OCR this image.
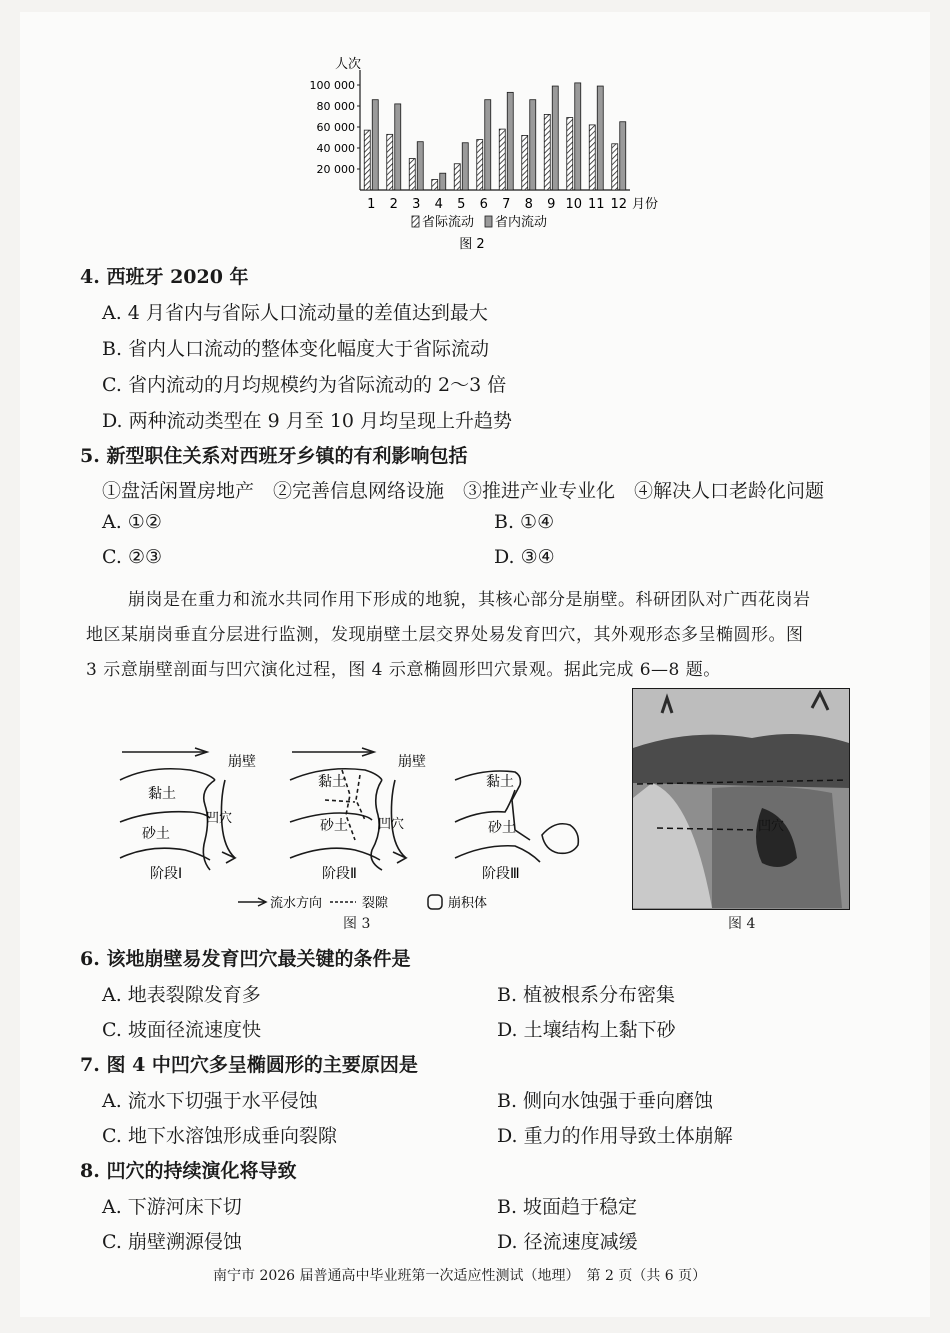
人次
20 000
40 000
60 000
80 000
100 000
1 2 3 4 5 6 7 8 9 10 11 12 月份
省际流动 省内流动
图 2
4. 西班牙 2020 年
A. 4 月省内与省际人口流动量的差值达到最大
B. 省内人口流动的整体变化幅度大于省际流动
C. 省内流动的月均规模约为省际流动的 2～3 倍
D. 两种流动类型在 9 月至 10 月均呈现上升趋势
5. 新型职住关系对西班牙乡镇的有利影响包括
①盘活闲置房地产　②完善信息网络设施　③推进产业专业化　④解决人口老龄化问题
A. ①②	B. ①④
C. ②③	D. ③④
崩岗是在重力和流水共同作用下形成的地貌，其核心部分是崩壁。科研团队对广西花岗岩
地区某崩岗垂直分层进行监测，发现崩壁土层交界处易发育凹穴，其外观形态多呈椭圆形。图
3 示意崩壁剖面与凹穴演化过程，图 4 示意椭圆形凹穴景观。据此完成 6—8 题。
黏土
砂土
崩壁
凹穴
阶段Ⅰ
黏土
砂土
崩壁
凹穴
阶段Ⅱ
黏土
砂土
阶段Ⅲ
流水方向	裂隙	崩积体
图 3
凹穴
图 4
6. 该地崩壁易发育凹穴最关键的条件是
A. 地表裂隙发育多	B. 植被根系分布密集
C. 坡面径流速度快	D. 土壤结构上黏下砂
7. 图 4 中凹穴多呈椭圆形的主要原因是
A. 流水下切强于水平侵蚀	B. 侧向水蚀强于垂向磨蚀
C. 地下水溶蚀形成垂向裂隙	D. 重力的作用导致土体崩解
8. 凹穴的持续演化将导致
A. 下游河床下切	B. 坡面趋于稳定
C. 崩壁溯源侵蚀	D. 径流速度减缓
南宁市 2026 届普通高中毕业班第一次适应性测试（地理）　第 2 页（共 6 页）
